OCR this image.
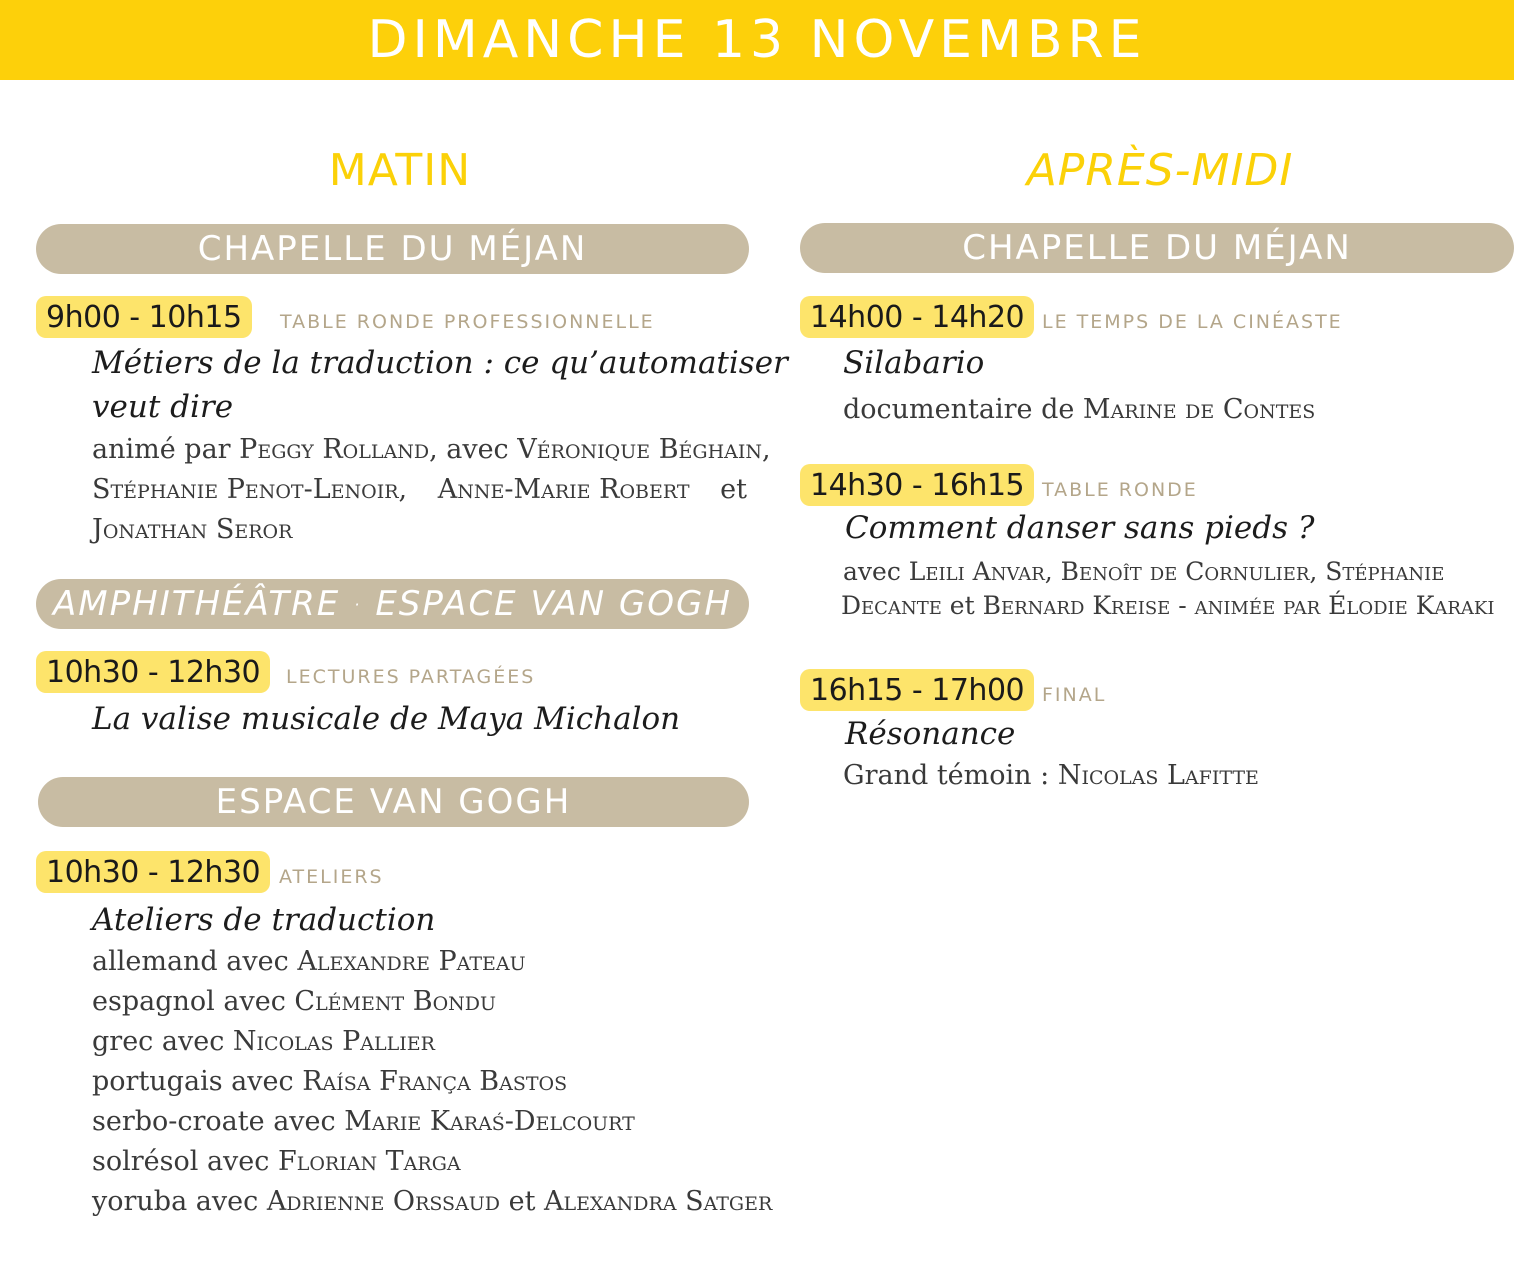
DIMANCHE 13 NOVEMBRE
MATIN
CHAPELLE DU MÉJAN
9h00 - 10h15	TABLE RONDE PROFESSIONNELLE
Métiers de la traduction : ce qu’automatiser
veut dire
animé par Peggy Rolland, avec Véronique Béghain,
Stéphanie Penot-Lenoir, Anne-Marie Robert et
Jonathan Seror
AMPHITHÉÂTRE · ESPACE VAN GOGH
10h30 - 12h30	LECTURES PARTAGÉES
La valise musicale de Maya Michalon
ESPACE VAN GOGH
10h30 - 12h30 ATELIERS
Ateliers de traduction
allemand avec Alexandre Pateau
espagnol avec Clément Bondu
grec avec Nicolas Pallier
portugais avec Raísa França Bastos
serbo-croate avec Marie Karaś-Delcourt
solrésol avec Florian Targa
yoruba avec Adrienne Orssaud et Alexandra Satger
APRÈS-MIDI
CHAPELLE DU MÉJAN
14h00 - 14h20 LE TEMPS DE LA CINÉASTE
Silabario
documentaire de Marine de Contes
14h30 - 16h15 TABLE RONDE
Comment danser sans pieds ?
avec Leili Anvar, Benoît de Cornulier, Stéphanie
Decante et Bernard Kreise - animée par Élodie Karaki
16h15 - 17h00 FINAL
Résonance
Grand témoin : Nicolas Lafitte
